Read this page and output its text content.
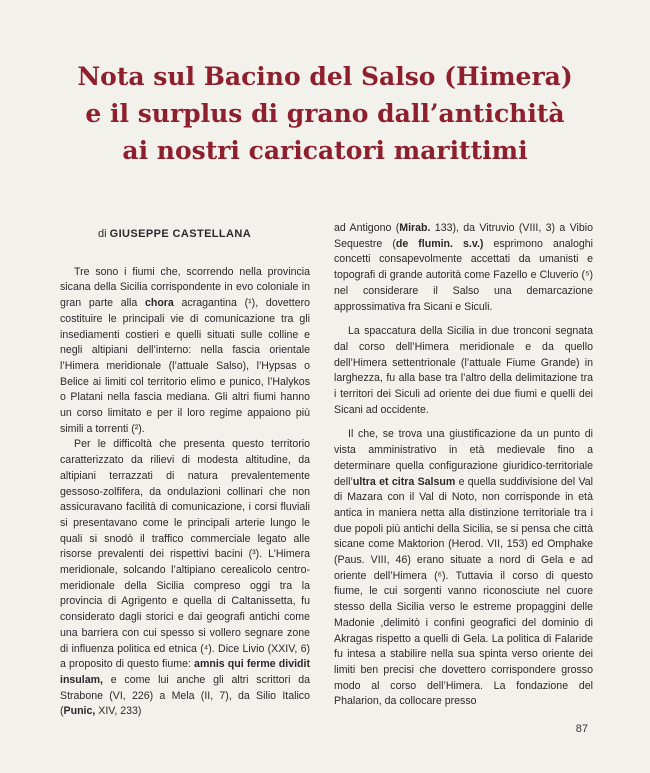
Nota sul Bacino del Salso (Himera)
e il surplus di grano dall’antichità
ai nostri caricatori marittimi
di GIUSEPPE CASTELLANA

Tre sono i fiumi che, scorrendo nella provincia sicana della Sicilia corrispondente in evo coloniale in gran parte alla chora acragantina (¹), dovettero costituire le principali vie di comunicazione tra gli insediamenti costieri e quelli situati sulle colline e negli altipiani dell’interno: nella fascia orientale l’Himera meridionale (l’attuale Salso), l’Hypsas o Belice ai limiti col territorio elimo e punico, l’Halykos o Platani nella fascia mediana. Gli altri fiumi hanno un corso limitato e per il loro regime appaiono più simili a torrenti (²).

Per le difficoltà che presenta questo territorio caratterizzato da rilievi di modesta altitudine, da altipiani terrazzati di natura prevalentemente gessoso-zolfifera, da ondulazioni collinari che non assicuravano facilità di comunicazione, i corsi fluviali si presentavano come le principali arterie lungo le quali si snodò il traffico commerciale legato alle risorse prevalenti dei rispettivi bacini (³). L’Himera meridionale, solcando l’altipiano cerealicolo centro-meridionale della Sicilia compreso oggi tra la provincia di Agrigento e quella di Caltanissetta, fu considerato dagli storici e dai geografi antichi come una barriera con cui spesso si vollero segnare zone di influenza politica ed etnica (⁴). Dice Livio (XXIV, 6) a proposito di questo fiume: amnis qui ferme dividit insulam, e come lui anche gli altri scrittori da Strabone (VI, 226) a Mela (II, 7), da Silio Italico (Punic, XIV, 233)

ad Antigono (Mirab. 133), da Vitruvio (VIII, 3) a Vibio Sequestre (de flumin. s.v.) esprimono analoghi concetti consapevolmente accettati da umanisti e topografi di grande autorità come Fazello e Cluverio (⁵) nel considerare il Salso una demarcazione approssimativa fra Sicani e Siculi.

La spaccatura della Sicilia in due tronconi segnata dal corso dell’Himera meridionale e da quello dell’Himera settentrionale (l’attuale Fiume Grande) in larghezza, fu alla base tra l’altro della delimitazione tra i territori dei Siculi ad oriente dei due fiumi e quelli dei Sicani ad occidente.

Il che, se trova una giustificazione da un punto di vista amministrativo in età medievale fino a determinare quella configurazione giuridico-territoriale dell’ultra et citra Salsum e quella suddivisione del Val di Mazara con il Val di Noto, non corrisponde in età antica in maniera netta alla distinzione territoriale tra i due popoli più antichi della Sicilia, se si pensa che città sicane come Maktorion (Herod. VII, 153) ed Omphake (Paus. VIII, 46) erano situate a nord di Gela e ad oriente dell’Himera (⁶). Tuttavia il corso di questo fiume, le cui sorgenti vanno riconosciute nel cuore stesso della Sicilia verso le estreme propaggini delle Madonie ,delimitò i confini geografici del dominio di Akragas rispetto a quelli di Gela. La politica di Falaride fu intesa a stabilire nella sua spinta verso oriente dei limiti ben precisi che dovettero corrispondere grosso modo al corso dell’Himera. La fondazione del Phalarion, da collocare presso

87
